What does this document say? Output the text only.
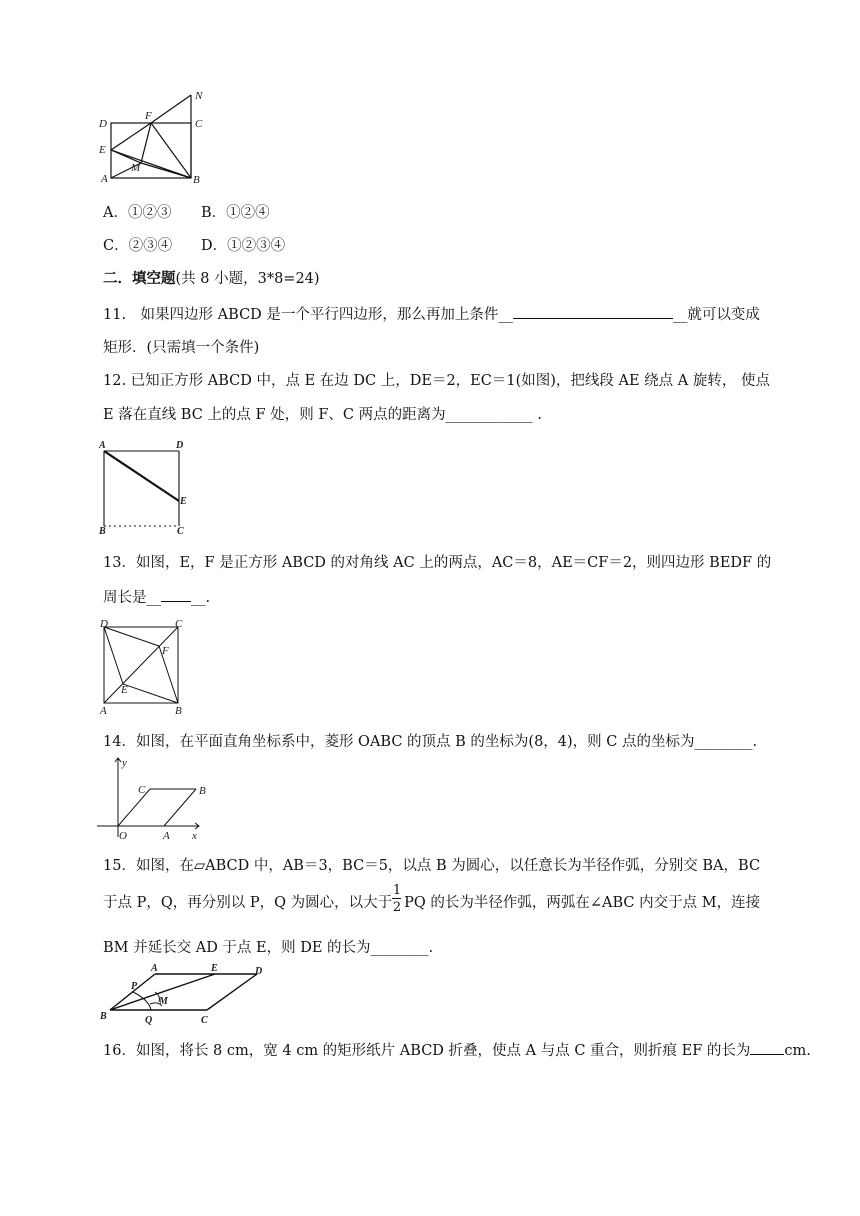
N
D
F
C
E
M
A	B
A．①②③ B．①②④
C．②③④ D．①②③④
二．填空题(共 8 小题，3*8=24)
11.　如果四边形 ABCD 是一个平行四边形，那么再加上条件__	__就可以变成
矩形．(只需填一个条件)
12. 已知正方形 ABCD 中，点 E 在边 DC 上，DE＝2，EC＝1(如图)，把线段 AE 绕点 A 旋转， 使点
E 落在直线 BC 上的点 F 处，则 F、C 两点的距离为____________ .
A	D
E
B	C
13．如图，E，F 是正方形 ABCD 的对角线 AC 上的两点，AC＝8，AE＝CF＝2，则四边形 BEDF 的
周长是__ __.
D	C
F
E
A	B
14．如图，在平面直角坐标系中，菱形 OABC 的顶点 B 的坐标为(8，4)，则 C 点的坐标为________.
y
C	B
O	A x
15．如图，在▱ABCD 中，AB＝3，BC＝5，以点 B 为圆心，以任意长为半径作弧，分别交 BA，BC
于点 P，Q，再分别以 P，Q 为圆心，以大于 PQ 的长为半径作弧，两弧在∠ABC 内交于点 M，连接
1
2
BM 并延长交 AD 于点 E，则 DE 的长为________.
A	E	D
P
M
B	Q	C
16．如图，将长 8 cm，宽 4 cm 的矩形纸片 ABCD 折叠，使点 A 与点 C 重合，则折痕 EF 的长为 cm.
